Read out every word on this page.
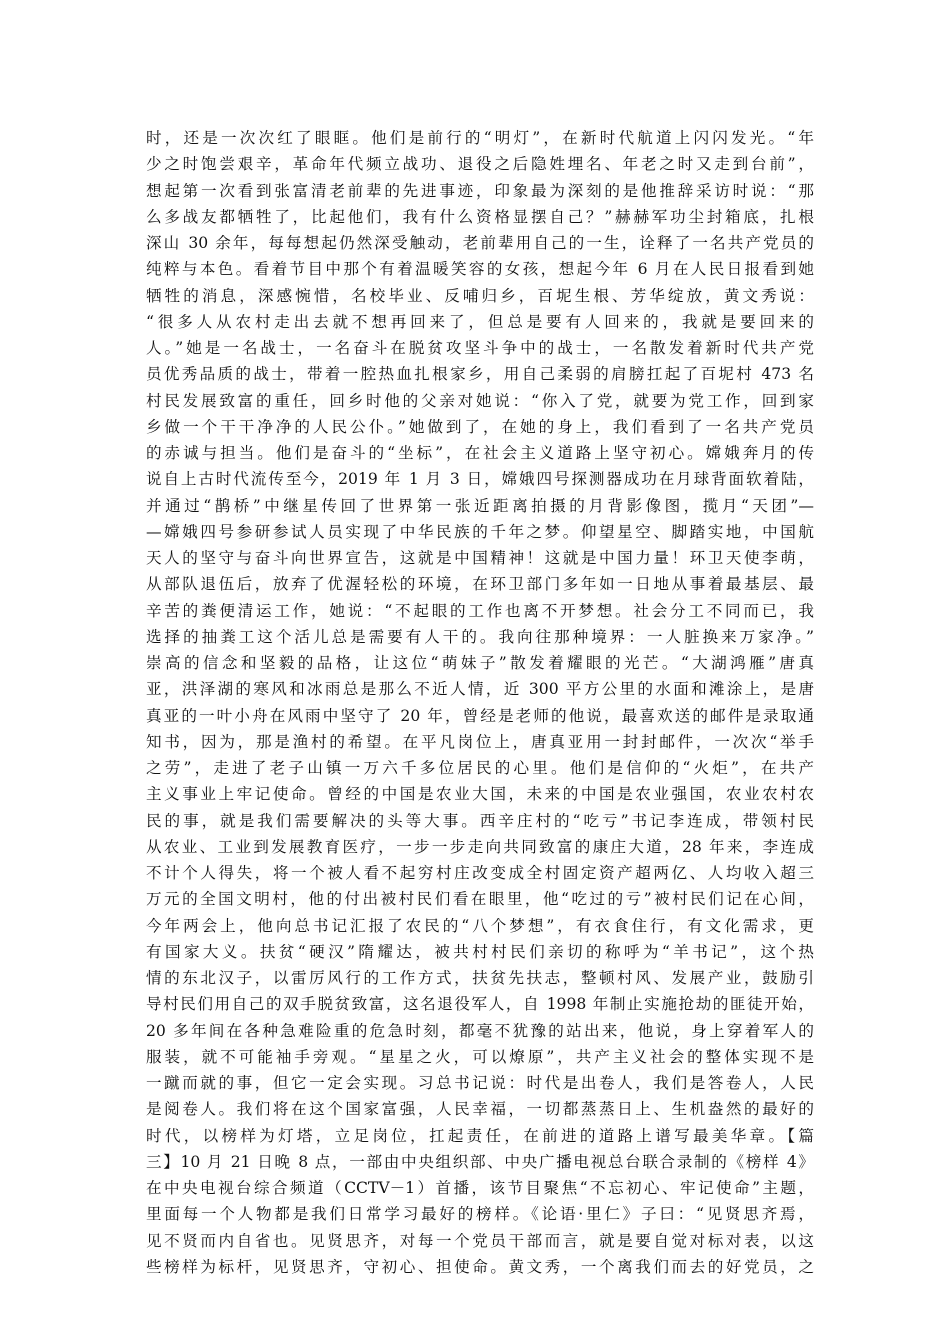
时，还是一次次红了眼眶。他们是前行的“明灯”，在新时代航道上闪闪发光。“年
少之时饱尝艰辛，革命年代频立战功、退役之后隐姓埋名、年老之时又走到台前”，
想起第一次看到张富清老前辈的先进事迹，印象最为深刻的是他推辞采访时说：“那
么多战友都牺牲了，比起他们，我有什么资格显摆自己？”赫赫军功尘封箱底，扎根
深山 30 余年，每每想起仍然深受触动，老前辈用自己的一生，诠释了一名共产党员的
纯粹与本色。看着节目中那个有着温暖笑容的女孩，想起今年 6 月在人民日报看到她
牺牲的消息，深感惋惜，名校毕业、反哺归乡，百坭生根、芳华绽放，黄文秀说：
“很多人从农村走出去就不想再回来了，但总是要有人回来的，我就是要回来的
人。”她是一名战士，一名奋斗在脱贫攻坚斗争中的战士，一名散发着新时代共产党
员优秀品质的战士，带着一腔热血扎根家乡，用自己柔弱的肩膀扛起了百坭村 473 名
村民发展致富的重任，回乡时他的父亲对她说：“你入了党，就要为党工作，回到家
乡做一个干干净净的人民公仆。”她做到了，在她的身上，我们看到了一名共产党员
的赤诚与担当。他们是奋斗的“坐标”，在社会主义道路上坚守初心。嫦娥奔月的传
说自上古时代流传至今，2019 年 1 月 3 日，嫦娥四号探测器成功在月球背面软着陆，
并通过“鹊桥”中继星传回了世界第一张近距离拍摄的月背影像图，揽月“天团”—
—嫦娥四号参研参试人员实现了中华民族的千年之梦。仰望星空、脚踏实地，中国航
天人的坚守与奋斗向世界宣告，这就是中国精神！这就是中国力量！环卫天使李萌，
从部队退伍后，放弃了优渥轻松的环境，在环卫部门多年如一日地从事着最基层、最
辛苦的粪便清运工作，她说：“不起眼的工作也离不开梦想。社会分工不同而已，我
选择的抽粪工这个活儿总是需要有人干的。我向往那种境界：一人脏换来万家净。”
崇高的信念和坚毅的品格，让这位“萌妹子”散发着耀眼的光芒。“大湖鸿雁”唐真
亚，洪泽湖的寒风和冰雨总是那么不近人情，近 300 平方公里的水面和滩涂上，是唐
真亚的一叶小舟在风雨中坚守了 20 年，曾经是老师的他说，最喜欢送的邮件是录取通
知书，因为，那是渔村的希望。在平凡岗位上，唐真亚用一封封邮件，一次次“举手
之劳”，走进了老子山镇一万六千多位居民的心里。他们是信仰的“火炬”，在共产
主义事业上牢记使命。曾经的中国是农业大国，未来的中国是农业强国，农业农村农
民的事，就是我们需要解决的头等大事。西辛庄村的“吃亏”书记李连成，带领村民
从农业、工业到发展教育医疗，一步一步走向共同致富的康庄大道，28 年来，李连成
不计个人得失，将一个被人看不起穷村庄改变成全村固定资产超两亿、人均收入超三
万元的全国文明村，他的付出被村民们看在眼里，他“吃过的亏”被村民们记在心间，
今年两会上，他向总书记汇报了农民的“八个梦想”，有衣食住行，有文化需求，更
有国家大义。扶贫“硬汉”隋耀达，被共村村民们亲切的称呼为“羊书记”，这个热
情的东北汉子，以雷厉风行的工作方式，扶贫先扶志，整顿村风、发展产业，鼓励引
导村民们用自己的双手脱贫致富，这名退役军人，自 1998 年制止实施抢劫的匪徒开始，
20 多年间在各种急难险重的危急时刻，都毫不犹豫的站出来，他说，身上穿着军人的
服装，就不可能袖手旁观。“星星之火，可以燎原”，共产主义社会的整体实现不是
一蹴而就的事，但它一定会实现。习总书记说：时代是出卷人，我们是答卷人，人民
是阅卷人。我们将在这个国家富强，人民幸福，一切都蒸蒸日上、生机盎然的最好的
时代，以榜样为灯塔，立足岗位，扛起责任，在前进的道路上谱写最美华章。【篇
三】10 月 21 日晚 8 点，一部由中央组织部、中央广播电视总台联合录制的《榜样 4》
在中央电视台综合频道（CCTV－1）首播，该节目聚焦“不忘初心、牢记使命”主题，
里面每一个人物都是我们日常学习最好的榜样。《论语·里仁》子曰：“见贤思齐焉，
见不贤而内自省也。见贤思齐，对每一个党员干部而言，就是要自觉对标对表，以这
些榜样为标杆，见贤思齐，守初心、担使命。黄文秀，一个离我们而去的好党员，之
